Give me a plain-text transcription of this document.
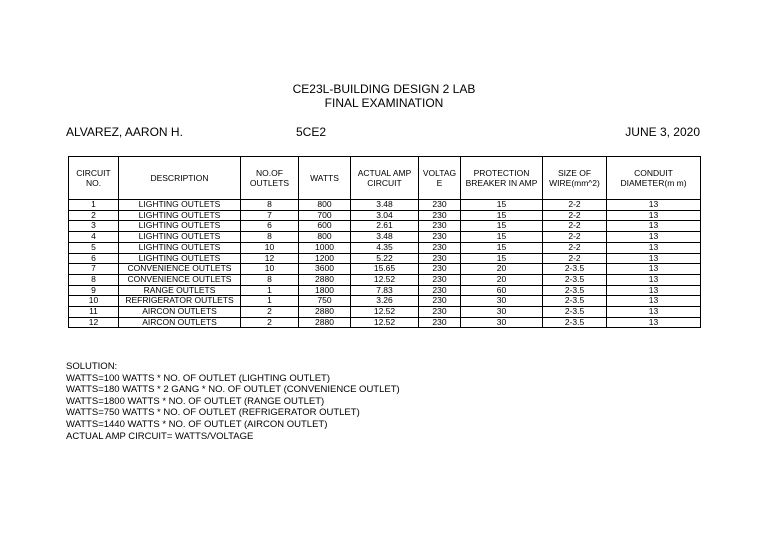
CE23L-BUILDING DESIGN 2 LAB
FINAL EXAMINATION
ALVAREZ, AARON H.	5CE2	JUNE 3, 2020
CIRCUIT NO.	DESCRIPTION	NO.OF OUTLETS	WATTS	ACTUAL AMP CIRCUIT	VOLTAG E	PROTECTION BREAKER IN AMP	SIZE OF WIRE(mm^2)	CONDUIT DIAMETER(m m)
1	LIGHTING OUTLETS	8	800	3.48	230	15	2-2	13
2	LIGHTING OUTLETS	7	700	3.04	230	15	2-2	13
3	LIGHTING OUTLETS	6	600	2.61	230	15	2-2	13
4	LIGHTING OUTLETS	8	800	3.48	230	15	2-2	13
5	LIGHTING OUTLETS	10	1000	4.35	230	15	2-2	13
6	LIGHTING OUTLETS	12	1200	5.22	230	15	2-2	13
7	CONVENIENCE OUTLETS	10	3600	15.65	230	20	2-3.5	13
8	CONVENIENCE OUTLETS	8	2880	12.52	230	20	2-3.5	13
9	RANGE OUTLETS	1	1800	7.83	230	60	2-3.5	13
10	REFRIGERATOR OUTLETS	1	750	3.26	230	30	2-3.5	13
11	AIRCON OUTLETS	2	2880	12.52	230	30	2-3.5	13
12	AIRCON OUTLETS	2	2880	12.52	230	30	2-3.5	13
SOLUTION:
WATTS=100 WATTS * NO. OF OUTLET (LIGHTING OUTLET)
WATTS=180 WATTS * 2 GANG * NO. OF OUTLET (CONVENIENCE OUTLET)
WATTS=1800 WATTS * NO. OF OUTLET (RANGE OUTLET)
WATTS=750 WATTS * NO. OF OUTLET (REFRIGERATOR OUTLET)
WATTS=1440 WATTS * NO. OF OUTLET (AIRCON OUTLET)
ACTUAL AMP CIRCUIT= WATTS/VOLTAGE
